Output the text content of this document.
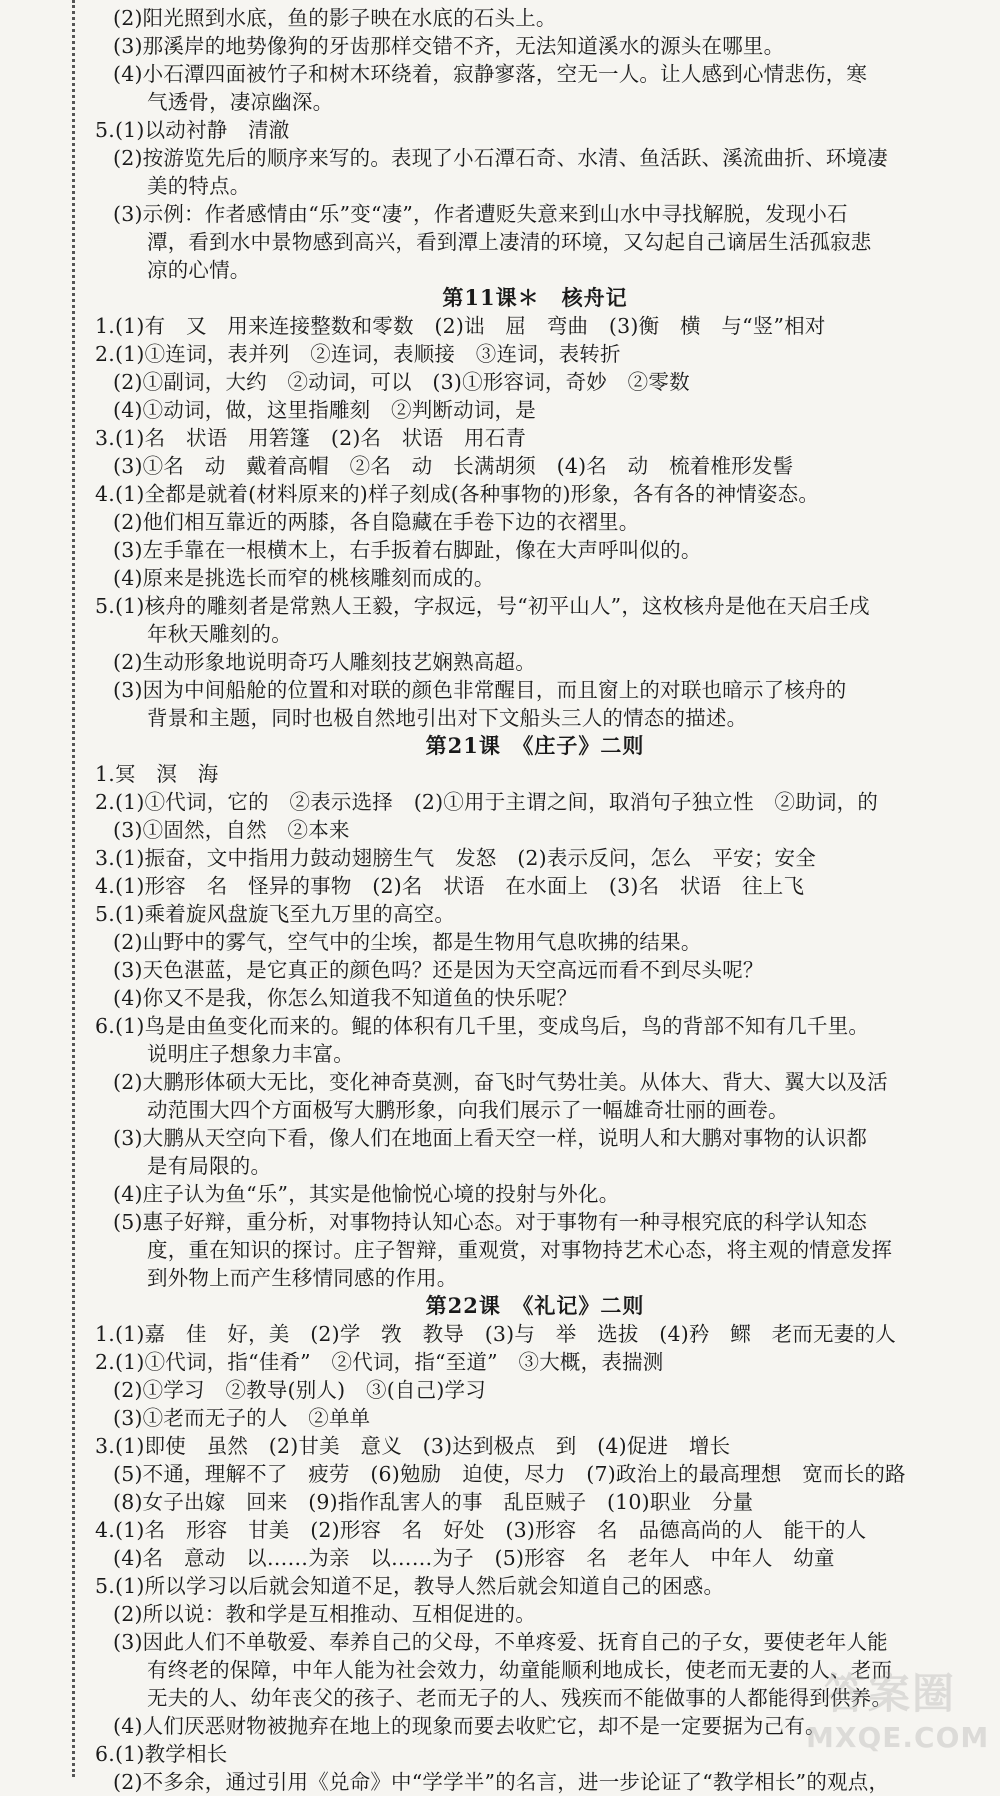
(2)阳光照到水底，鱼的影子映在水底的石头上。
(3)那溪岸的地势像狗的牙齿那样交错不齐，无法知道溪水的源头在哪里。
(4)小石潭四面被竹子和树木环绕着，寂静寥落，空无一人。让人感到心情悲伤，寒
气透骨，凄凉幽深。
5.(1)以动衬静　清澈
(2)按游览先后的顺序来写的。表现了小石潭石奇、水清、鱼活跃、溪流曲折、环境凄
美的特点。
(3)示例：作者感情由“乐”变“凄”，作者遭贬失意来到山水中寻找解脱，发现小石
潭，看到水中景物感到高兴，看到潭上凄清的环境，又勾起自己谪居生活孤寂悲
凉的心情。
第11课＊　核舟记
1.(1)有　又　用来连接整数和零数　(2)诎　屈　弯曲　(3)衡　横　与“竖”相对
2.(1)①连词，表并列　②连词，表顺接　③连词，表转折
(2)①副词，大约　②动词，可以　(3)①形容词，奇妙　②零数
(4)①动词，做，这里指雕刻　②判断动词，是
3.(1)名　状语　用箬篷　(2)名　状语　用石青
(3)①名　动　戴着高帽　②名　动　长满胡须　(4)名　动　梳着椎形发髻
4.(1)全都是就着(材料原来的)样子刻成(各种事物的)形象，各有各的神情姿态。
(2)他们相互靠近的两膝，各自隐藏在手卷下边的衣褶里。
(3)左手靠在一根横木上，右手扳着右脚趾，像在大声呼叫似的。
(4)原来是挑选长而窄的桃核雕刻而成的。
5.(1)核舟的雕刻者是常熟人王毅，字叔远，号“初平山人”，这枚核舟是他在天启壬戌
年秋天雕刻的。
(2)生动形象地说明奇巧人雕刻技艺娴熟高超。
(3)因为中间船舱的位置和对联的颜色非常醒目，而且窗上的对联也暗示了核舟的
背景和主题，同时也极自然地引出对下文船头三人的情态的描述。
第21课　《庄子》二则
1.冥　溟　海
2.(1)①代词，它的　②表示选择　(2)①用于主谓之间，取消句子独立性　②助词，的
(3)①固然，自然　②本来
3.(1)振奋，文中指用力鼓动翅膀生气　发怒　(2)表示反问，怎么　平安；安全
4.(1)形容　名　怪异的事物　(2)名　状语　在水面上　(3)名　状语　往上飞
5.(1)乘着旋风盘旋飞至九万里的高空。
(2)山野中的雾气，空气中的尘埃，都是生物用气息吹拂的结果。
(3)天色湛蓝，是它真正的颜色吗？还是因为天空高远而看不到尽头呢？
(4)你又不是我，你怎么知道我不知道鱼的快乐呢？
6.(1)鸟是由鱼变化而来的。鲲的体积有几千里，变成鸟后，鸟的背部不知有几千里。
说明庄子想象力丰富。
(2)大鹏形体硕大无比，变化神奇莫测，奋飞时气势壮美。从体大、背大、翼大以及活
动范围大四个方面极写大鹏形象，向我们展示了一幅雄奇壮丽的画卷。
(3)大鹏从天空向下看，像人们在地面上看天空一样，说明人和大鹏对事物的认识都
是有局限的。
(4)庄子认为鱼“乐”，其实是他愉悦心境的投射与外化。
(5)惠子好辩，重分析，对事物持认知心态。对于事物有一种寻根究底的科学认知态
度，重在知识的探讨。庄子智辩，重观赏，对事物持艺术心态，将主观的情意发挥
到外物上而产生移情同感的作用。
第22课　《礼记》二则
1.(1)嘉　佳　好，美　(2)学　敩　教导　(3)与　举　选拔　(4)矜　鳏　老而无妻的人
2.(1)①代词，指“佳肴”　②代词，指“至道”　③大概，表揣测
(2)①学习　②教导(别人)　③(自己)学习
(3)①老而无子的人　②单单
3.(1)即使　虽然　(2)甘美　意义　(3)达到极点　到　(4)促进　增长
(5)不通，理解不了　疲劳　(6)勉励　迫使，尽力　(7)政治上的最高理想　宽而长的路
(8)女子出嫁　回来　(9)指作乱害人的事　乱臣贼子　(10)职业　分量
4.(1)名　形容　甘美　(2)形容　名　好处　(3)形容　名　品德高尚的人　能干的人
(4)名　意动　以……为亲　以……为子　(5)形容　名　老年人　中年人　幼童
5.(1)所以学习以后就会知道不足，教导人然后就会知道自己的困惑。
(2)所以说：教和学是互相推动、互相促进的。
(3)因此人们不单敬爱、奉养自己的父母，不单疼爱、抚育自己的子女，要使老年人能
有终老的保障，中年人能为社会效力，幼童能顺利地成长，使老而无妻的人、老而
无夫的人、幼年丧父的孩子、老而无子的人、残疾而不能做事的人都能得到供养。
(4)人们厌恶财物被抛弃在地上的现象而要去收贮它，却不是一定要据为己有。
6.(1)教学相长
(2)不多余，通过引用《兑命》中“学学半”的名言，进一步论证了“教学相长”的观点，
答案圈
MXQE.COM
